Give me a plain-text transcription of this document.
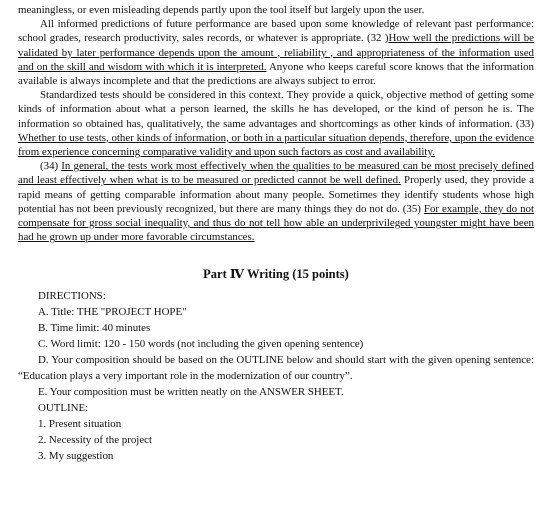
meaningless, or even misleading depends partly upon the tool itself but largely upon the user.

All informed predictions of future performance are based upon some knowledge of relevant past performance: school grades, research productivity, sales records, or whatever is appropriate. (32 )How well the predictions will be validated by later performance depends upon the amount , reliability , and appropriateness of the information used and on the skill and wisdom with which it is interpreted. Anyone who keeps careful score knows that the information available is always incomplete and that the predictions are always subject to error.

Standardized tests should be considered in this context. They provide a quick, objective method of getting some kinds of information about what a person learned, the skills he has developed, or the kind of person he is. The information so obtained has, qualitatively, the same advantages and shortcomings as other kinds of information. (33) Whether to use tests, other kinds of information, or both in a particular situation depends, therefore, upon the evidence from experience concerning comparative validity and upon such factors as cost and availability.

(34) In general, the tests work most effectively when the qualities to be measured can be most precisely defined and least effectively when what is to be measured or predicted cannot be well defined. Properly used, they provide a rapid means of getting comparable information about many people. Sometimes they identify students whose high potential has not been previously recognized, but there are many things they do not do. (35) For example, they do not compensate for gross social inequality, and thus do not tell how able an underprivileged youngster might have been had he grown up under more favorable circumstances.

Part Ⅳ Writing (15 points)

DIRECTIONS:

A. Title: THE "PROJECT HOPE"

B. Time limit: 40 minutes

C. Word limit: 120 - 150 words (not including the given opening sentence)

D. Your composition should be based on the OUTLINE below and should start with the given opening sentence: “Education plays a very important role in the modernization of our country”.

E. Your composition must be written neatly on the ANSWER SHEET.

OUTLINE:

1. Present situation

2. Necessity of the project

3. My suggestion
